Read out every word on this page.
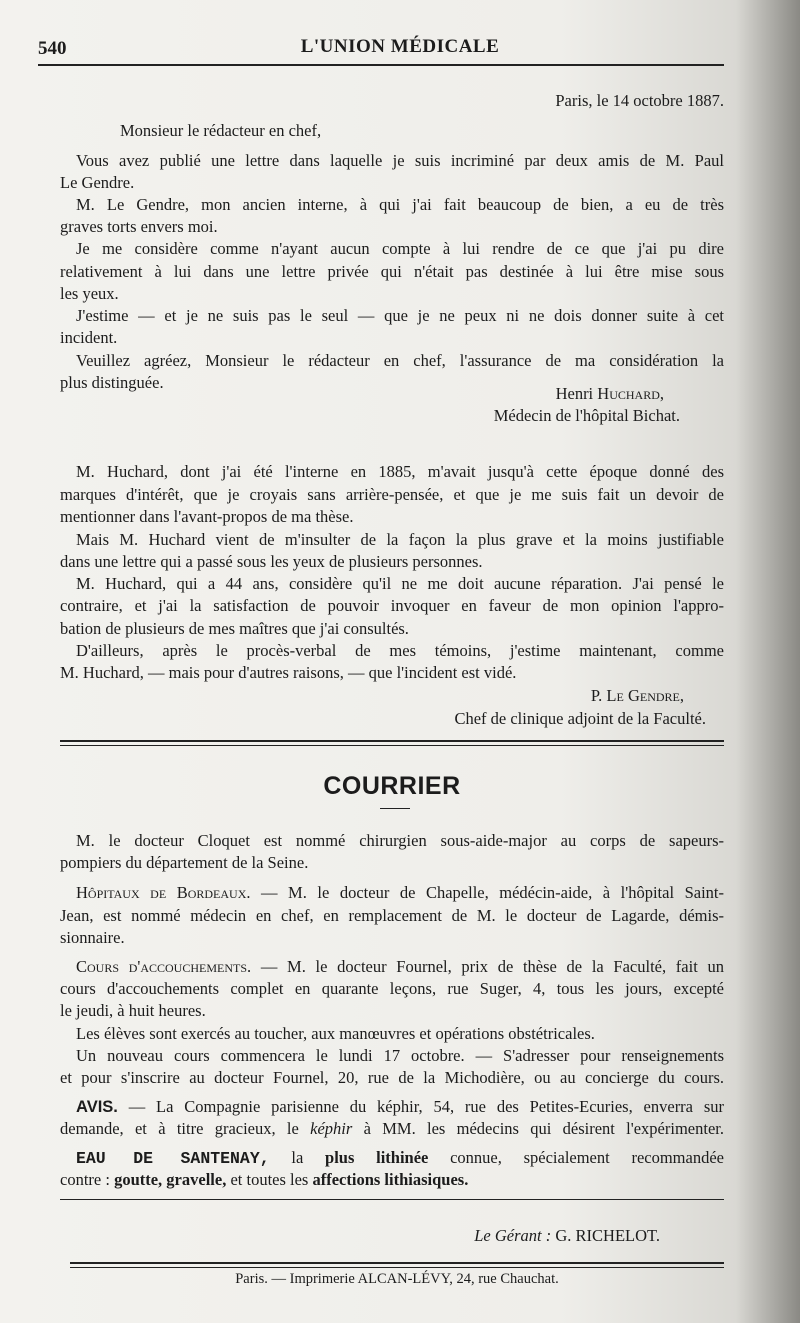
540	L'UNION MÉDICALE
Paris, le 14 octobre 1887.
Monsieur le rédacteur en chef,
Vous avez publié une lettre dans laquelle je suis incriminé par deux amis de M. Paul
Le Gendre.
M. Le Gendre, mon ancien interne, à qui j'ai fait beaucoup de bien, a eu de très
graves torts envers moi.
Je me considère comme n'ayant aucun compte à lui rendre de ce que j'ai pu dire
relativement à lui dans une lettre privée qui n'était pas destinée à lui être mise sous
les yeux.
J'estime — et je ne suis pas le seul — que je ne peux ni ne dois donner suite à cet
incident.
Veuillez agréez, Monsieur le rédacteur en chef, l'assurance de ma considération la
plus distinguée.
Henri Huchard,
Médecin de l'hôpital Bichat.
M. Huchard, dont j'ai été l'interne en 1885, m'avait jusqu'à cette époque donné des
marques d'intérêt, que je croyais sans arrière-pensée, et que je me suis fait un devoir de
mentionner dans l'avant-propos de ma thèse.
Mais M. Huchard vient de m'insulter de la façon la plus grave et la moins justifiable
dans une lettre qui a passé sous les yeux de plusieurs personnes.
M. Huchard, qui a 44 ans, considère qu'il ne me doit aucune réparation. J'ai pensé le
contraire, et j'ai la satisfaction de pouvoir invoquer en faveur de mon opinion l'appro-
bation de plusieurs de mes maîtres que j'ai consultés.
D'ailleurs, après le procès-verbal de mes témoins, j'estime maintenant, comme
M. Huchard, — mais pour d'autres raisons, — que l'incident est vidé.
P. Le Gendre,
Chef de clinique adjoint de la Faculté.
COURRIER
M. le docteur Cloquet est nommé chirurgien sous-aide-major au corps de sapeurs-
pompiers du département de la Seine.
Hôpitaux de Bordeaux. — M. le docteur de Chapelle, médécin-aide, à l'hôpital Saint-
Jean, est nommé médecin en chef, en remplacement de M. le docteur de Lagarde, démis-
sionnaire.
Cours d'accouchements. — M. le docteur Fournel, prix de thèse de la Faculté, fait un
cours d'accouchements complet en quarante leçons, rue Suger, 4, tous les jours, excepté
le jeudi, à huit heures.
Les élèves sont exercés au toucher, aux manœuvres et opérations obstétricales.
Un nouveau cours commencera le lundi 17 octobre. — S'adresser pour renseignements
et pour s'inscrire au docteur Fournel, 20, rue de la Michodière, ou au concierge du cours.
AVIS. — La Compagnie parisienne du képhir, 54, rue des Petites-Ecuries, enverra sur
demande, et à titre gracieux, le képhir à MM. les médecins qui désirent l'expérimenter.
EAU DE SANTENAY, la plus lithinée connue, spécialement recommandée
contre : goutte, gravelle, et toutes les affections lithiasiques.
Le Gérant : G. RICHELOT.
Paris. — Imprimerie ALCAN-LÉVY, 24, rue Chauchat.
